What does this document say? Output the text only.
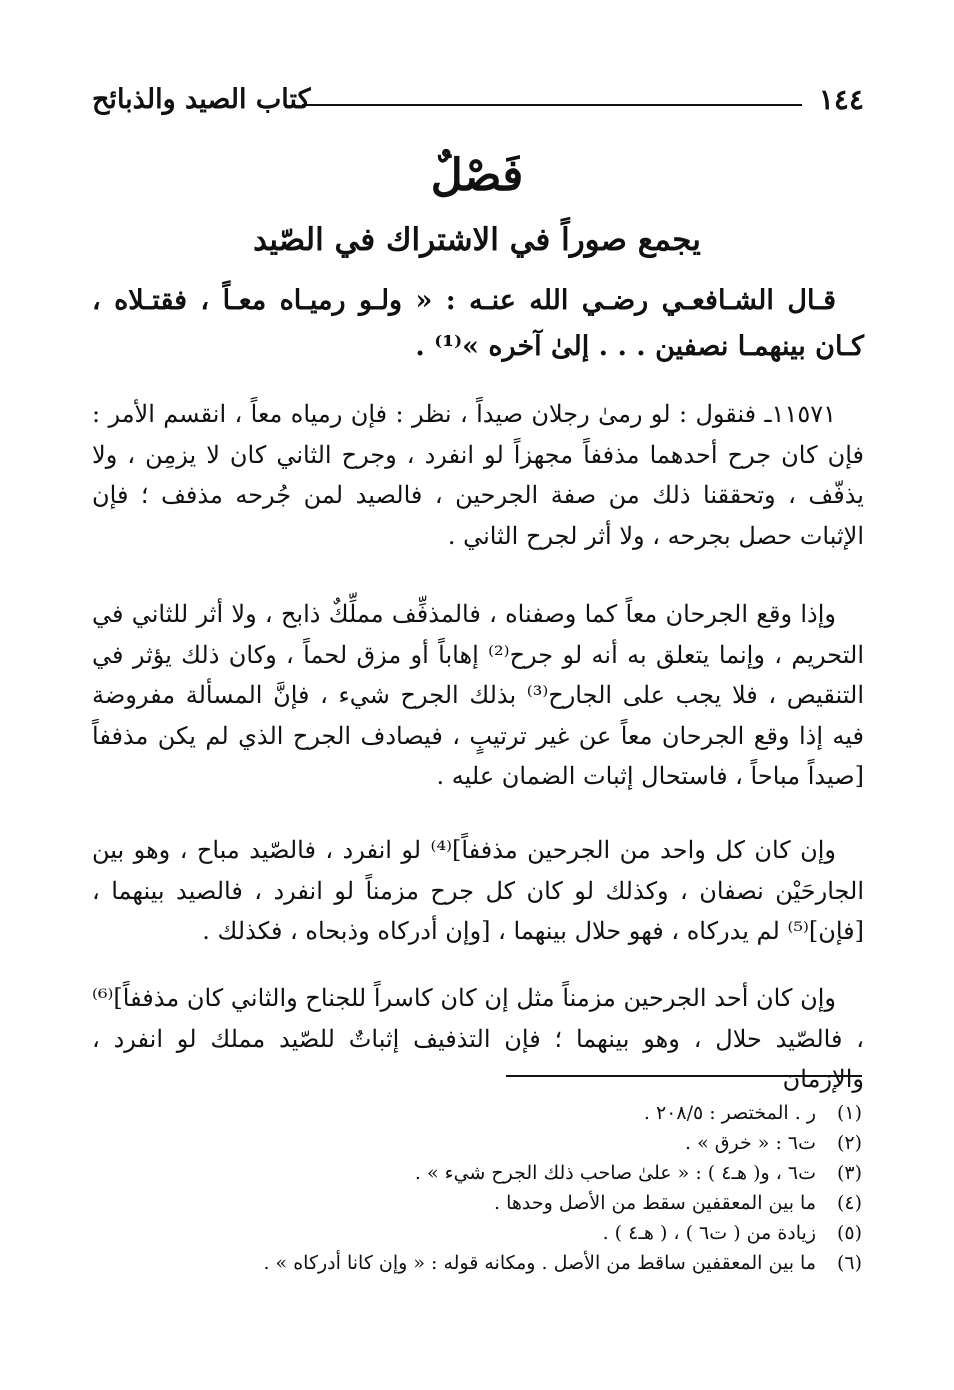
١٤٤
كتاب الصيد والذبائح
فَصْلٌ
يجمع صوراً في الاشتراك في الصّيد

قـال الشـافعـي رضـي الله عنـه : « ولـو رميـاه معـاً ، فقتـلاه ، كـان بينهمـا نصفين . . . إلىٰ آخره »⁽¹⁾ .

١١٥٧١ـ فنقول : لو رمىٰ رجلان صيداً ، نظر : فإن رمياه معاً ، انقسم الأمر : فإن كان جرح أحدهما مذففاً مجهزاً لو انفرد ، وجرح الثاني كان لا يزمِن ، ولا يذفّف ، وتحققنا ذلك من صفة الجرحين ، فالصيد لمن جُرحه مذفف ؛ فإن الإثبات حصل بجرحه ، ولا أثر لجرح الثاني .

وإذا وقع الجرحان معاً كما وصفناه ، فالمذفِّف مملِّكٌ ذابح ، ولا أثر للثاني في التحريم ، وإنما يتعلق به أنه لو جرح⁽²⁾ إهاباً أو مزق لحماً ، وكان ذلك يؤثر في التنقيص ، فلا يجب على الجارح⁽³⁾ بذلك الجرح شيء ، فإنَّ المسألة مفروضة فيه إذا وقع الجرحان معاً عن غير ترتيبٍ ، فيصادف الجرح الذي لم يكن مذففاً [صيداً مباحاً ، فاستحال إثبات الضمان عليه .

وإن كان كل واحد من الجرحين مذففاً]⁽⁴⁾ لو انفرد ، فالصّيد مباح ، وهو بين الجارحَيْن نصفان ، وكذلك لو كان كل جرح مزمناً لو انفرد ، فالصيد بينهما ، [فإن]⁽⁵⁾ لم يدركاه ، فهو حلال بينهما ، [وإن أدركاه وذبحاه ، فكذلك .

وإن كان أحد الجرحين مزمناً مثل إن كان كاسراً للجناح والثاني كان مذففاً]⁽⁶⁾ ، فالصّيد حلال ، وهو بينهما ؛ فإن التذفيف إثباتٌ للصّيد مملك لو انفرد ، والإزمان

(١)ر . المختصر : ٢٠٨/٥ .
(٢)ت٦ : « خرق » .
(٣)ت٦ ، و( هـ٤ ) : « علىٰ صاحب ذلك الجرح شيء » .
(٤)ما بين المعقفين سقط من الأصل وحدها .
(٥)زيادة من ( ت٦ ) ، ( هـ٤ ) .
(٦)ما بين المعقفين ساقط من الأصل . ومكانه قوله : « وإن كانا أدركاه » .
